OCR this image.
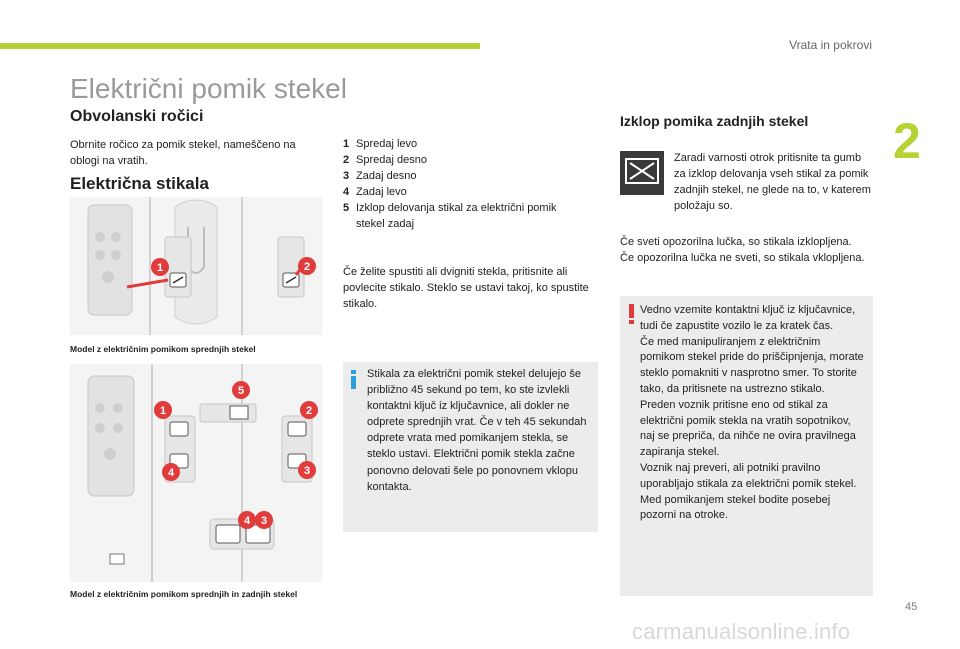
Vrata in pokrovi
2
45
Električni pomik stekel
Obvolanski ročici
Obrnite ročico za pomik stekel, nameščeno na oblogi na vratih.
Električna stikala
1	2
Model z električnim pomikom sprednjih stekel
5
1	2
3
4
4 3
Model z električnim pomikom sprednjih in zadnjih stekel
1 Spredaj levo
2 Spredaj desno
3 Zadaj desno
4 Zadaj levo
5 Izklop delovanja stikal za električni pomik stekel zadaj
Če želite spustiti ali dvigniti stekla, pritisnite ali povlecite stikalo. Steklo se ustavi takoj, ko spustite stikalo.
Stikala za električni pomik stekel delujejo še približno 45 sekund po tem, ko ste izvlekli kontaktni ključ iz ključavnice, ali dokler ne odprete sprednjih vrat. Če v teh 45 sekundah odprete vrata med pomikanjem stekla, se steklo ustavi. Električni pomik stekla začne ponovno delovati šele po ponovnem vklopu kontakta.
Izklop pomika zadnjih stekel
Zaradi varnosti otrok pritisnite ta gumb za izklop delovanja vseh stikal za pomik zadnjih stekel, ne glede na to, v katerem položaju so.
Če sveti opozorilna lučka, so stikala izklopljena.
Če opozorilna lučka ne sveti, so stikala vklopljena.
Vedno vzemite kontaktni ključ iz ključavnice, tudi če zapustite vozilo le za kratek čas.
Če med manipuliranjem z električnim pomikom stekel pride do priščipnjenja, morate steklo pomakniti v nasprotno smer. To storite tako, da pritisnete na ustrezno stikalo.
Preden voznik pritisne eno od stikal za električni pomik stekla na vratih sopotnikov, naj se prepriča, da nihče ne ovira pravilnega zapiranja stekel.
Voznik naj preveri, ali potniki pravilno uporabljajo stikala za električni pomik stekel.
Med pomikanjem stekel bodite posebej pozorni na otroke.
carmanualsonline.info
